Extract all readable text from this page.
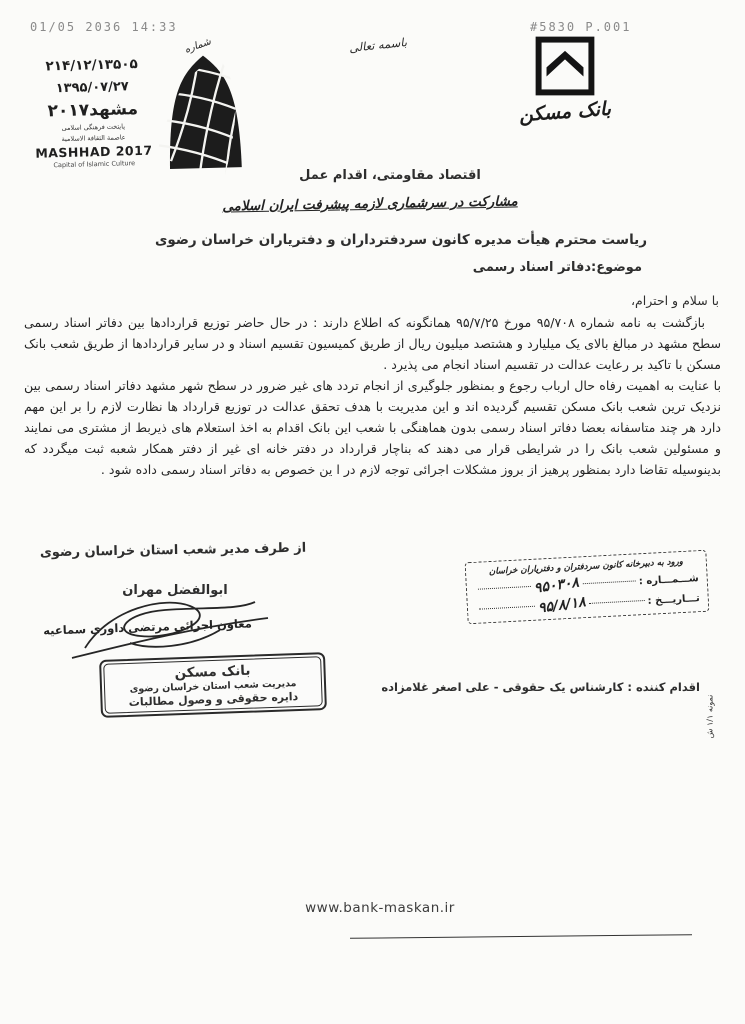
01/05 2036 14:33	#5830 P.001
۲۱۴/۱۲/۱۳۵۰۵
۱۳۹۵/۰۷/۲۷
مشهد۲۰۱۷
پایتخت فرهنگی اسلامی
عاصمة الثقافة الاسلامية
MASHHAD 2017
Capital of Islamic Culture
شماره	باسمه تعالی
بانک مسکن
اقتصاد مقاومتی، اقدام عمل
مشارکت در سرشماری لازمه پیشرفت ایران اسلامی
ریاست محترم هیأت مدیره کانون سردفترداران و دفتریاران خراسان رضوی
موضوع:دفاتر اسناد رسمی
با سلام و احترام،

بازگشت به نامه شماره ۹۵/۷۰۸ مورخ ۹۵/۷/۲۵ همانگونه که اطلاع دارند : در حال حاضر توزیع قراردادها بین دفاتر اسناد رسمی سطح مشهد در مبالغ بالای یک میلیارد و هشتصد میلیون ریال از طریق کمیسیون تقسیم اسناد و در سایر قراردادها از طریق شعب بانک مسکن با تاکید بر رعایت عدالت در تقسیم اسناد انجام می پذیرد .

با عنایت به اهمیت رفاه حال ارباب رجوع و بمنظور جلوگیری از انجام تردد های غیر ضرور در سطح شهر مشهد دفاتر اسناد رسمی بین نزدیک ترین شعب بانک مسکن تقسیم گردیده اند و این مدیریت با هدف تحقق عدالت در توزیع قرارداد ها نظارت لازم را بر این مهم دارد هر چند متاسفانه بعضا دفاتر اسناد رسمی بدون هماهنگی با شعب این بانک اقدام به اخذ استعلام های ذیربط از مشتری می نمایند و مسئولین شعب بانک را در شرایطی قرار می دهند که بناچار قرارداد در دفتر خانه ای غیر از دفتر همکار شعبه ثبت میگردد که بدینوسیله تقاضا دارد بمنظور پرهیز از بروز مشکلات اجرائی توجه لازم در ا ین خصوص به دفاتر اسناد رسمی داده شود .

از طرف مدیر شعب استان خراسان رضوی
ابوالفضل مهران
معاون اجرائی مرتضی داوری سماعیه
بانک مسکن
مدیریت شعب استان خراسان رضوی
دایره حقوقی و وصول مطالبات
ورود به دبیرخانه کانون سردفتران و دفتریاران خراسان
شـــمـــاره :
۹۵۰۳۰۸
تـــاریـــخ :
۹۵/۸/۱۸
اقدام کننده : کارشناس یک حقوقی - علی اصغر غلامزاده
نمونه ۱/۱ ش
www.bank-maskan.ir
